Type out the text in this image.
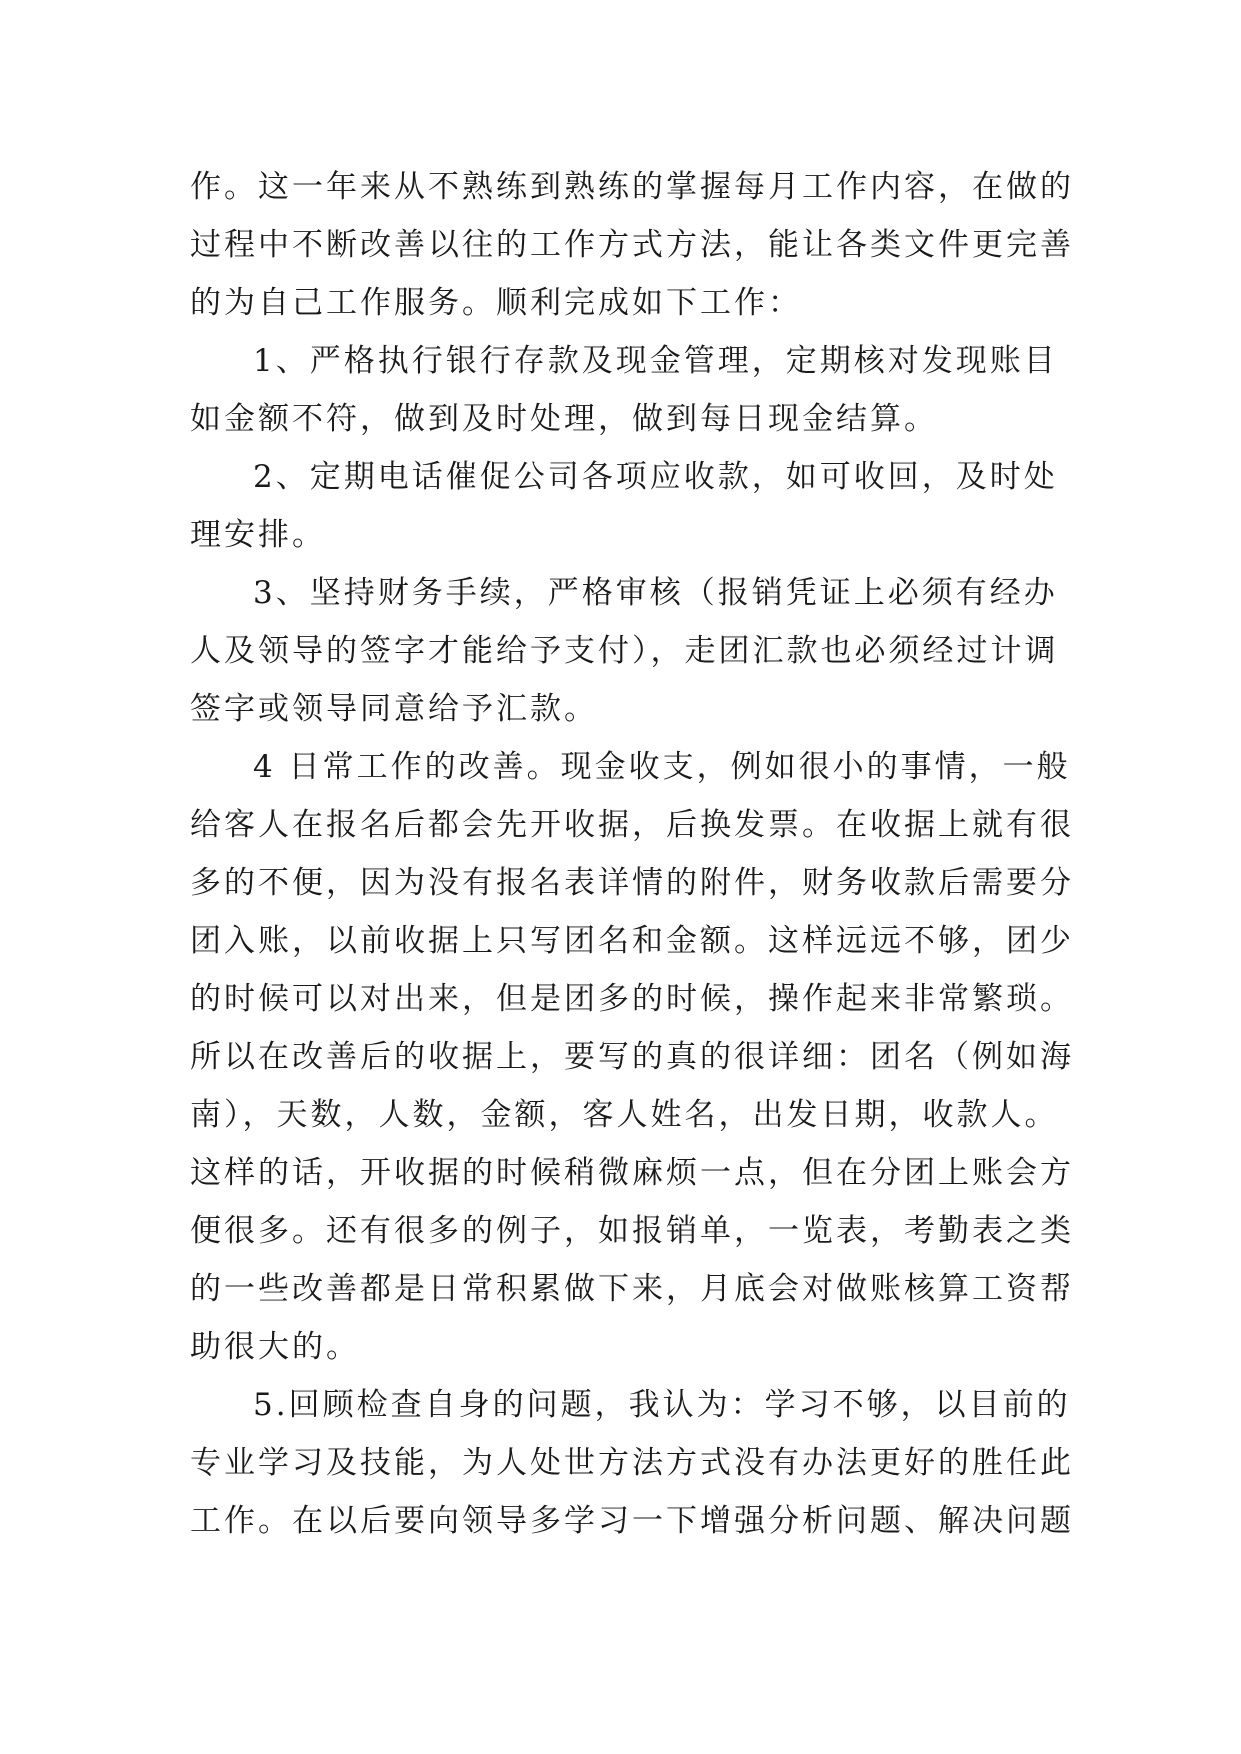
作。这一年来从不熟练到熟练的掌握每月工作内容，在做的
过程中不断改善以往的工作方式方法，能让各类文件更完善
的为自己工作服务。顺利完成如下工作：
1、严格执行银行存款及现金管理，定期核对发现账目
如金额不符，做到及时处理，做到每日现金结算。
2、定期电话催促公司各项应收款，如可收回，及时处
理安排。
3、坚持财务手续，严格审核（报销凭证上必须有经办
人及领导的签字才能给予支付），走团汇款也必须经过计调
签字或领导同意给予汇款。
4 日常工作的改善。现金收支，例如很小的事情，一般
给客人在报名后都会先开收据，后换发票。在收据上就有很
多的不便，因为没有报名表详情的附件，财务收款后需要分
团入账，以前收据上只写团名和金额。这样远远不够，团少
的时候可以对出来，但是团多的时候，操作起来非常繁琐。
所以在改善后的收据上，要写的真的很详细：团名（例如海
南），天数，人数，金额，客人姓名，出发日期，收款人。
这样的话，开收据的时候稍微麻烦一点，但在分团上账会方
便很多。还有很多的例子，如报销单，一览表，考勤表之类
的一些改善都是日常积累做下来，月底会对做账核算工资帮
助很大的。
5.回顾检查自身的问题，我认为：学习不够，以目前的
专业学习及技能，为人处世方法方式没有办法更好的胜任此
工作。在以后要向领导多学习一下增强分析问题、解决问题
